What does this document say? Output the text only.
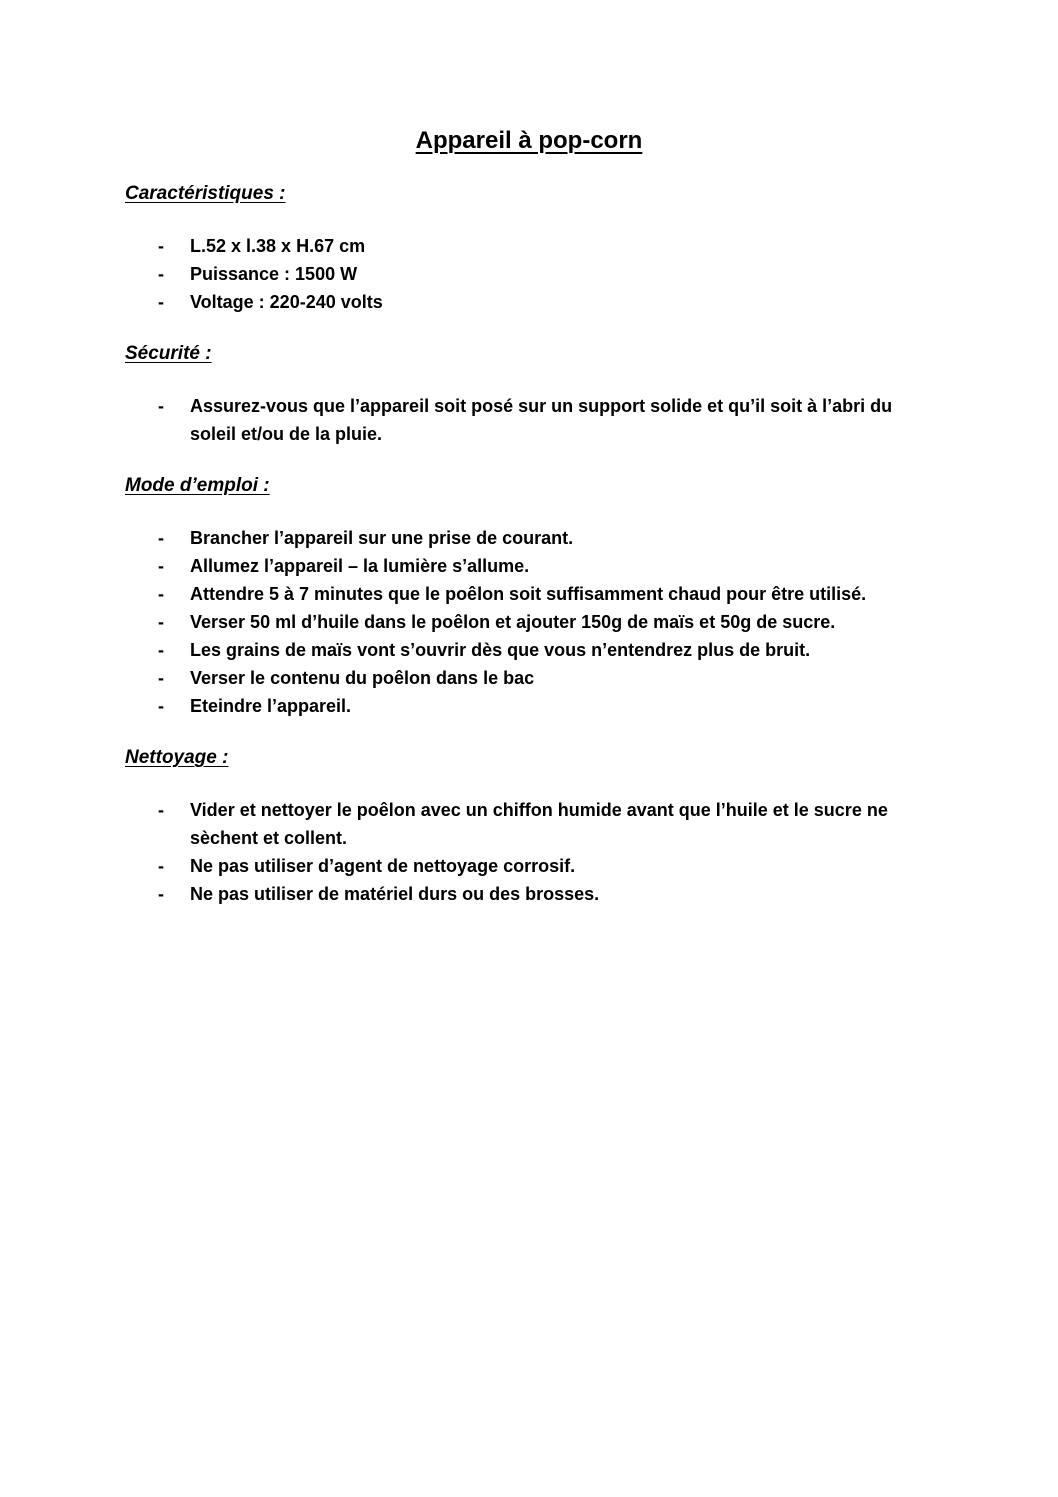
Appareil à pop-corn
Caractéristiques :
-	L.52 x l.38 x H.67 cm
-	Puissance : 1500 W
-	Voltage : 220-240 volts
Sécurité :
-	Assurez-vous que l’appareil soit posé sur un support solide et qu’il soit à l’abri du soleil et/ou de la pluie.
Mode d’emploi :
-	Brancher l’appareil sur une prise de courant.
-	Allumez l’appareil – la lumière s’allume.
-	Attendre 5 à 7 minutes que le poêlon soit suffisamment chaud pour être utilisé.
-	Verser 50 ml d’huile dans le poêlon et ajouter 150g de maïs et 50g de sucre.
-	Les grains de maïs vont s’ouvrir dès que vous n’entendrez plus de bruit.
-	Verser le contenu du poêlon dans le bac
-	Eteindre l’appareil.
Nettoyage :
-	Vider et nettoyer le poêlon avec un chiffon humide avant que l’huile et le sucre ne sèchent et collent.
-	Ne pas utiliser d’agent de nettoyage corrosif.
-	Ne pas utiliser de matériel durs ou des brosses.
